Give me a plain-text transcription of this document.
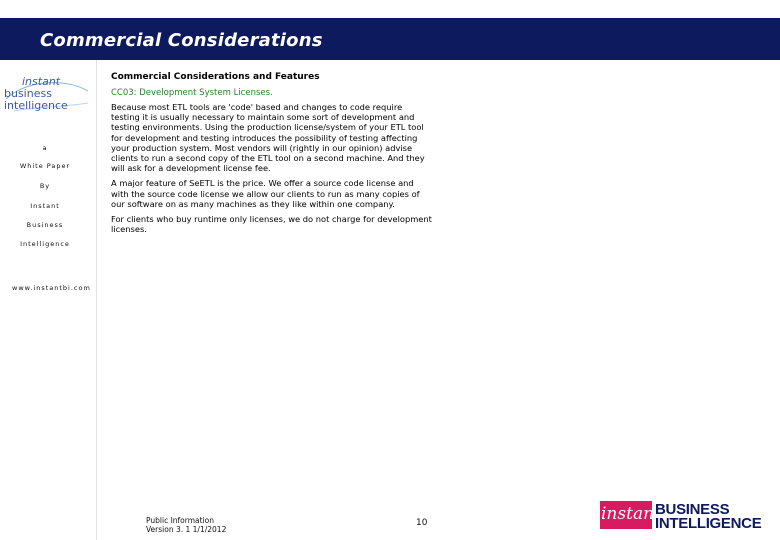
Commercial Considerations
instant
business
intelligence
a
White Paper
By
Instant
Business
Intelligence
www.instantbi.com

Commercial Considerations and Features

CC03: Development System Licenses.

Because most ETL tools are 'code' based and changes to code require testing it is usually necessary to maintain some sort of development and testing environments. Using the production license/system of your ETL tool for development and testing introduces the possibility of testing affecting your production system. Most vendors will (rightly in our opinion) advise clients to run a second copy of the ETL tool on a second machine. And they will ask for a development license fee.

A major feature of SeETL is the price. We offer a source code license and with the source code license we allow our clients to run as many copies of our software on as many machines as they like within one company.

For clients who buy runtime only licenses, we do not charge for development licenses.

Public Information
Version 3. 1 1/1/2012
10	instant
BUSINESS
INTELLIGENCE
